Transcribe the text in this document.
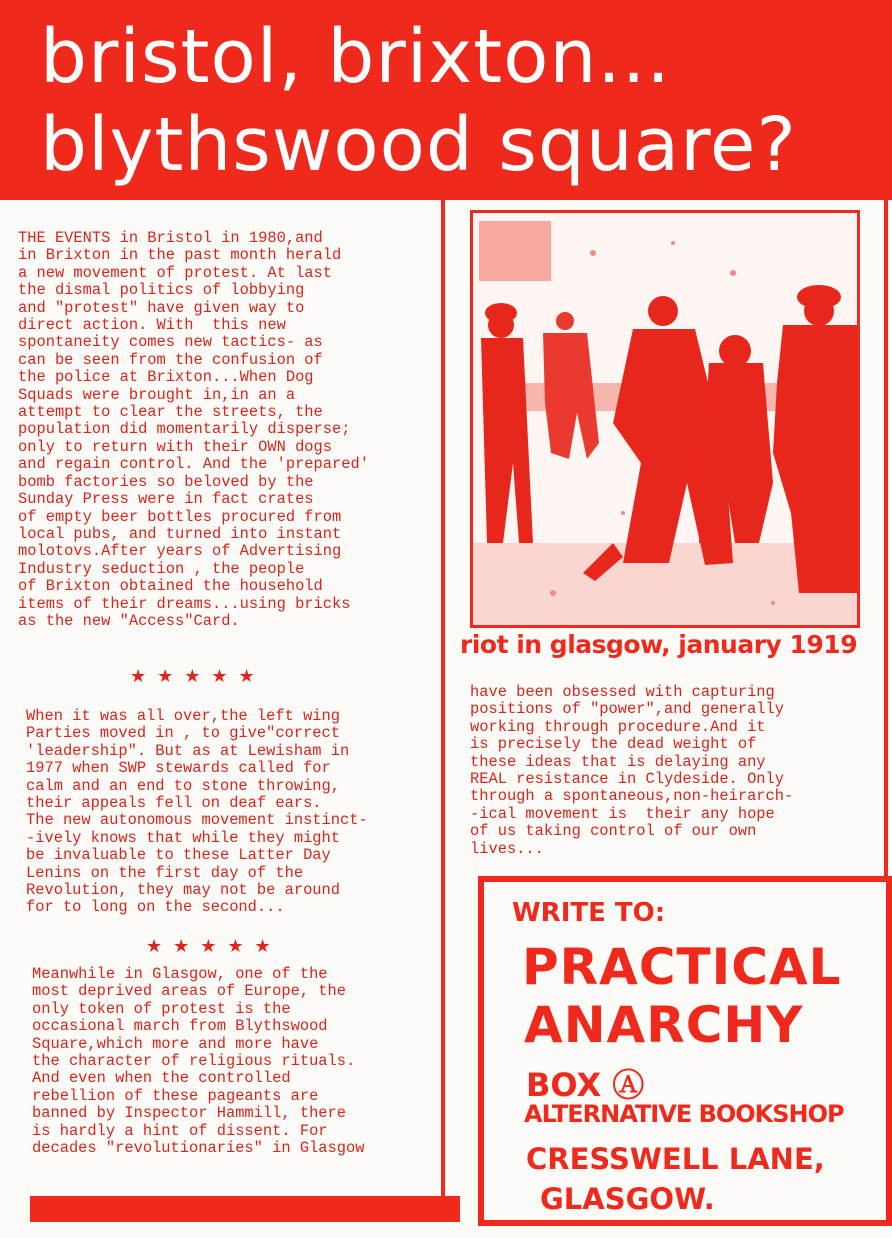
bristol, brixton...
blythswood square?
THE EVENTS in Bristol in 1980,and
in Brixton in the past month herald
a new movement of protest. At last
the dismal politics of lobbying
and "protest" have given way to
direct action. With  this new
spontaneity comes new tactics- as
can be seen from the confusion of
the police at Brixton...When Dog
Squads were brought in,in an a
attempt to clear the streets, the
population did momentarily disperse;
only to return with their OWN dogs
and regain control. And the 'prepared'
bomb factories so beloved by the
Sunday Press were in fact crates
of empty beer bottles procured from
local pubs, and turned into instant
molotovs.After years of Advertising
Industry seduction , the people
of Brixton obtained the household
items of their dreams...using bricks
as the new "Access"Card.
★★★★★
When it was all over,the left wing
Parties moved in , to give"correct
'leadership". But as at Lewisham in
1977 when SWP stewards called for
calm and an end to stone throwing,
their appeals fell on deaf ears.
The new autonomous movement instinct-
-ively knows that while they might
be invaluable to these Latter Day
Lenins on the first day of the
Revolution, they may not be around
for to long on the second...
★★★★★
Meanwhile in Glasgow, one of the
most deprived areas of Europe, the
only token of protest is the
occasional march from Blythswood
Square,which more and more have
the character of religious rituals.
And even when the controlled
rebellion of these pageants are
banned by Inspector Hammill, there
is hardly a hint of dissent. For
decades "revolutionaries" in Glasgow
riot in glasgow, january 1919
have been obsessed with capturing
positions of "power",and generally
working through procedure.And it
is precisely the dead weight of
these ideas that is delaying any
REAL resistance in Clydeside. Only
through a spontaneous,non-heirarch-
-ical movement is  their any hope
of us taking control of our own
lives...
WRITE TO:
PRACTICAL
ANARCHY
BOX Ⓐ
ALTERNATIVE BOOKSHOP
CRESSWELL LANE,
GLASGOW.
